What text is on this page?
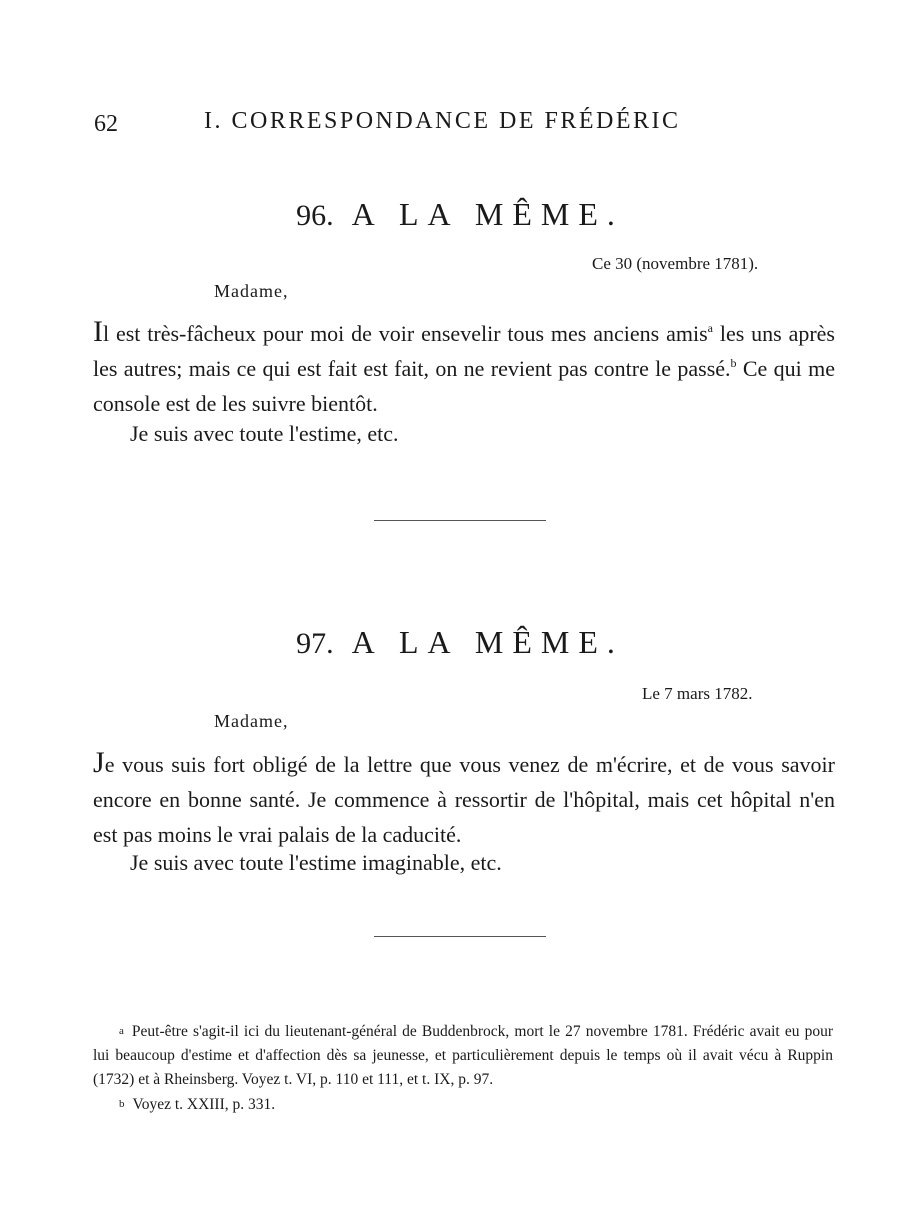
62	I. CORRESPONDANCE DE FRÉDÉRIC
96. A LA MÊME.
Ce 30 (novembre 1781).
Madame,

Il est très-fâcheux pour moi de voir ensevelir tous mes anciens amis$^a$ les uns après les autres; mais ce qui est fait est fait, on ne revient pas contre le passé.$^b$ Ce qui me console est de les suivre bientôt.

Je suis avec toute l'estime, etc.
97. A LA MÊME.
Le 7 mars 1782.
Madame,

Je vous suis fort obligé de la lettre que vous venez de m'écrire, et de vous savoir encore en bonne santé. Je commence à ressortir de l'hôpital, mais cet hôpital n'en est pas moins le vrai palais de la caducité.

Je suis avec toute l'estime imaginable, etc.

a Peut-être s'agit-il ici du lieutenant-général de Buddenbrock, mort le 27 novembre 1781. Frédéric avait eu pour lui beaucoup d'estime et d'affection dès sa jeunesse, et particulièrement depuis le temps où il avait vécu à Ruppin (1732) et à Rheinsberg. Voyez t. VI, p. 110 et 111, et t. IX, p. 97.

b Voyez t. XXIII, p. 331.
